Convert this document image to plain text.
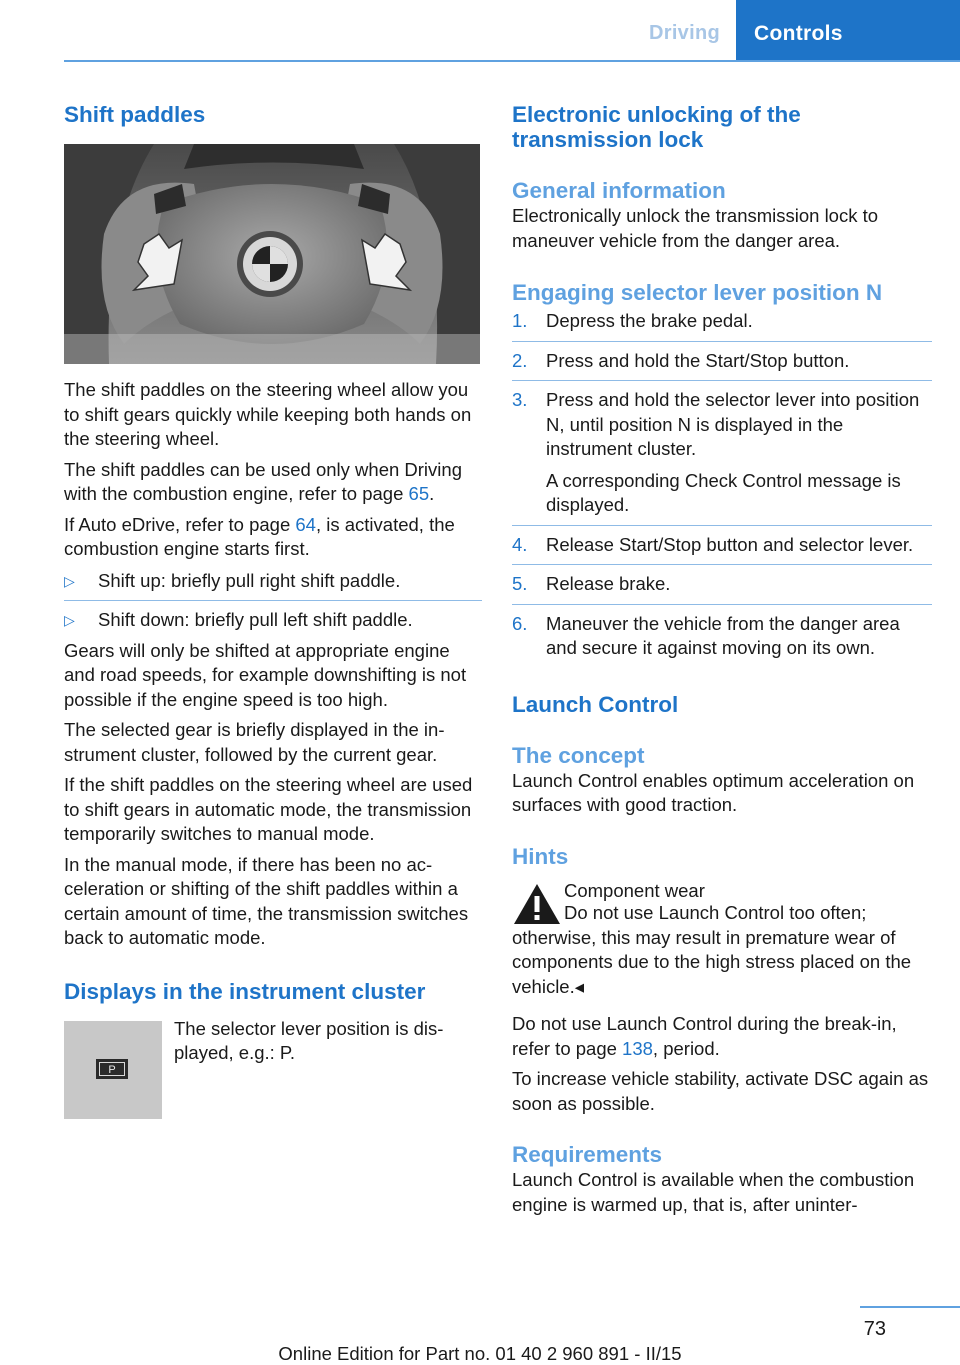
Driving	Controls
Shift paddles

The shift paddles on the steering wheel allow you to shift gears quickly while keeping both hands on the steering wheel.

The shift paddles can be used only when Driving with the combustion engine, refer to page 65.

If Auto eDrive, refer to page 64, is activated, the combustion engine starts first.

▷ Shift up: briefly pull right shift paddle.
▷ Shift down: briefly pull left shift paddle.

Gears will only be shifted at appropriate engine and road speeds, for example downshifting is not possible if the engine speed is too high.

The selected gear is briefly displayed in the instrument cluster, followed by the current gear.

If the shift paddles on the steering wheel are used to shift gears in automatic mode, the transmission temporarily switches to manual mode.

In the manual mode, if there has been no acceleration or shifting of the shift paddles within a certain amount of time, the transmission switches back to automatic mode.

Displays in the instrument cluster
P

The selector lever position is displayed, e.g.: P.

Electronic unlocking of the transmission lock
General information

Electronically unlock the transmission lock to maneuver vehicle from the danger area.

Engaging selector lever position N
1. Depress the brake pedal.
2. Press and hold the Start/Stop button.
3. Press and hold the selector lever into position N, until position N is displayed in the instrument cluster.
A corresponding Check Control message is displayed.
4. Release Start/Stop button and selector lever.
5. Release brake.
6. Maneuver the vehicle from the danger area and secure it against moving on its own.
Launch Control
The concept

Launch Control enables optimum acceleration on surfaces with good traction.

Hints

Component wear

Do not use Launch Control too often; otherwise, this may result in premature wear of components due to the high stress placed on the vehicle.◂

Do not use Launch Control during the break-in, refer to page 138, period.

To increase vehicle stability, activate DSC again as soon as possible.

Requirements

Launch Control is available when the combustion engine is warmed up, that is, after uninter-

73
Online Edition for Part no. 01 40 2 960 891 - II/15
